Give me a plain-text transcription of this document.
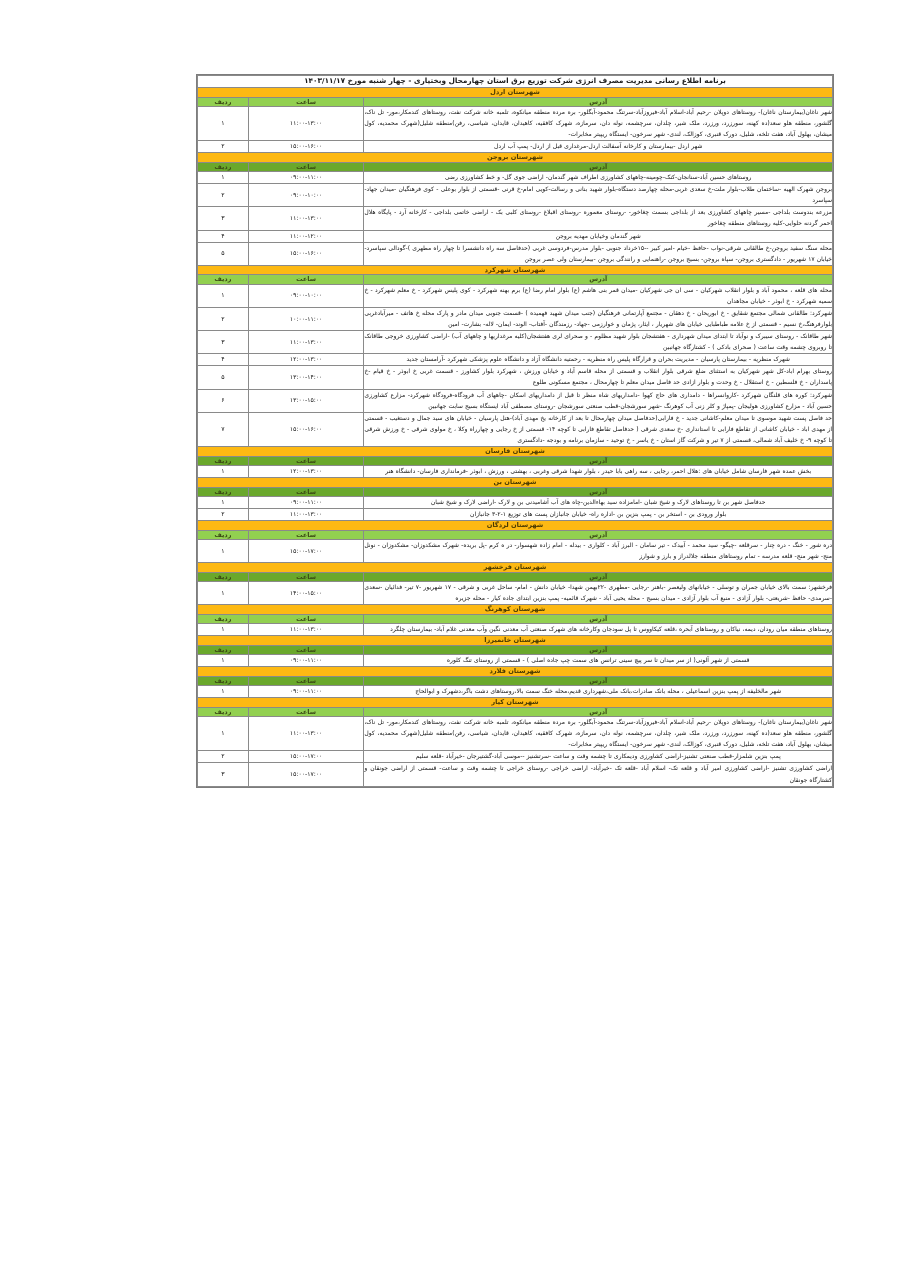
برنامه اطلاع رسانی مدیریت مصرف انرژی شرکت توزیع برق استان چهارمحال وبختیاری - چهار شنبه مورخ ۱۴۰۳/۱۱/۱۷		
شهرستان اردل		
آدرس	ساعت	ردیف
شهر ناغان(بیمارستان ناغان)- روستاهای دوپلان -رحیم آباد-اسلام آباد-فیروزآباد-سرتنگ محمود-آبگلور- بره مرده منطقه میانکوه، تلمبه خانه شرکت نفت، روستاهای کندمکار،مور- تل ناک، گلشور، منطقه هلو سعد(ده کهنه، سورزرد، ورزرد، ملک شیر، چلدان، سرچشمه، نوله دان، سرمازه، شهرک کافقیه، کاهیدان، قایدان، شیاسی، رفن)منطقه شلیل(شهرک محمدیه، کول میشان، بهلول آباد، هفت تلخه، شلیل، دورک قنبری، کوزالک، لندی- شهر سرخون- ایستگاه ریپیتر مخابرات-	۱۱:۰۰-۱۳:۰۰	۱
شهر اردل -بیمارستان و کارخانه آسفالت اردل-مرغداری قبل از اردل- پمپ آب اردل	۱۵:۰۰-۱۶:۰۰	۲
شهرستان بروجن		
آدرس	ساعت	ردیف
روستاهای حسین آباد-سنانجان-کنک-چومینه-چاههای کشاورزی اطراف شهر گندمان- اراضی جوی گل- و خط کشاورزی رضی	۰۹:۰۰-۱۱:۰۰	۱
بروجن شهرک الهیه -ساختمان طلاب-بلوار ملت-خ سعدی غربی-محله چهارصد دستگاه-بلوار شهید بنانی و رسالت-کویی امام-خ قرنی -قسمتی از بلوار بوعلی - کوی فرهنگیان -میدان جهاد- سپاسرد	۰۹:۰۰-۱۰:۰۰	۲
مزرعه بندوست بلداجی -مسیر چاههای کشاورزی بعد از بلداجی بسمت چغاخور- -روستای معموره -روستای اقبلاغ -روستای کلبی بک - اراضی خاتمی بلداجی - کارخانه آرد - پایگاه هلال احمر گردنه حلوایی-کلیه روستاهای منطقه چغاخور	۱۱:۰۰-۱۳:۰۰	۳
شهر گندمان وخیابان مهدیه بروجن	۱۱:۰۰-۱۲:۰۰	۴
محله سنگ سفید بروجن-خ طالقانی شرقی-نواب -حافظ -خیام -امیر کبیر --۱۵خرداد جنوبی -بلوار مدرس-فردوسی غربی (حدفاصل سه راه دانشسرا تا چهار راه مطهری )-گودالی سپاسرد- خیابان ۱۷ شهریور - دادگستری بروجن- سپاه بروجن- بسیج بروجن -راهنمایی و رانندگی بروجن -بیمارستان ولی عصر بروجن	۱۵:۰۰-۱۶:۰۰	۵
شهرستان شهرکرد		
آدرس	ساعت	ردیف
محله های قلعه ، محمود آباد و بلوار انقلاب شهرکیان - سی ان جی شهرکیان -میدان قمر بنی هاشم (ع) بلوار امام رضا (ع) برم بهنه شهرکرد - کوی پلیس شهرکرد - خ معلم شهرکرد - خ سمیه شهرکرد - خ ابوذر - خیابان مجاهدان	۰۹:۰۰-۱۰:۰۰	۱
شهرکرد: طالقانی شمالی مجتمع شقایق - خ ابوریحان - خ دهقان - مجتمع آپارتمانی فرهنگیان (جنب میدان شهید فهمیده ) -قسمت جنوبی میدان مادر و پارک محله خ هاتف - میرآبادغربی بلوارفرهنگ،خ نسیم - قسمتی از خ علامه طباطبایی خیابان های شهریار ، ایثار، پژمان و خوارزمی -جهاد- رزمندگان -آفتاب- الوند- ایمان- لاله- بشارت- امین	۱۰:۰۰-۱۱:۰۰	۲
شهر طاقانک - روستای سیبرک و نوآباد تا ابتدای میدان شهرداری - هفتشجان بلوار شهید مظلوم - و صحرای لری هفتشجان(کلیه مرغداریها و چاههای آب) -اراضی کشاورزی خروجی طاقانک تا روبروی چشمه وقت ساعت ( صحرای بادکی ) - کشتارگاه جهانبین	۱۱:۰۰-۱۳:۰۰	۳
شهرک منظریه - بیمارستان پارسیان - مدیریت بحران و قرارگاه پلیس راه منظریه - رحمتیه دانشگاه آزاد و دانشگاه علوم پزشکی شهرکرد -آرامستان جدید	۱۲:۰۰-۱۳:۰۰	۴
روستای بهرام اباد-کل شهر شهرکیان به استثنای ضلع شرقی بلوار انقلاب و قسمتی از محله قاسم آباد و خیابان ورزش ، شهرکرد بلوار کشاورز - قسمت غربی خ ابوذر - خ قیام -خ پاسداران - خ فلسطین - خ استقلال - خ وحدت و بلوار ازادی حد فاصل میدان معلم تا چهارمحال ، مجتمع مسکونی طلوع	۱۳:۰۰-۱۴:۰۰	۵
شهرکرد: کوره های قلنگان شهرکرد -کاروانسراها - دامداری های حاج کهوا -دامداریهای شاه منظر تا قبل از دامداریهای اسکان -چاههای آب فرودگاه-فرودگاه شهرکرد- مزارع کشاورزی حسین آباد - مزارع کشاورزی هولیجان -پمپاژ و کلر زنی آب کوهرنگ -شهر سورشجان-قطب صنعتی سورشجان -روستای مصطفی آباد ایستگاه بسیج سابت جهانبین	۱۳:۰۰-۱۵:۰۰	۶
حد فاصل پست شهید موسوی تا میدان معلم-کاشانی جدید - خ فارابی(حدفاصل میدان چهارمحال تا بعد از کارخانه یخ مهدی آباد)-هتل پارسیان - خیابان های سید جمال و دستغیب - قسمتی از مهدی اباد - خیابان کاشانی از تقاطع فارابی تا استانداری -خ سعدی شرقی ( حدفاصل تقاطع فارابی تا کوچه ۱۴- قسمتی از خ رجایی و چهارراه وکلا ، خ مولوی شرقی - خ ورزش شرقی تا کوچه ۹- خ خلیف آباد شمالی، قسمتی از ۷ تیر و شرکت گاز استان - خ یاسر - خ توحید - سازمان برنامه و بودجه -دادگستری	۱۵:۰۰-۱۶:۰۰	۷
شهرستان فارسان		
آدرس	ساعت	ردیف
بخش عمده شهر فارسان شامل خیابان های :هلال احمر، رجایی ، سه راهی بابا حیدر ، بلوار شهدا شرقی وغربی ، بهشتی ، ورزش ، ابوذر -فرمانداری فارسان- دانشگاه هنر	۱۲:۰۰-۱۳:۰۰	۱
شهرستان بن		
آدرس	ساعت	ردیف
حدفاصل شهر بن تا روستاهای لارک و شیخ شبان -امامزاده سید بهاءالدین-چاه های آب آشامیدنی بن و لارک -اراضی لارک و شیخ شبان	۰۹:۰۰-۱۱:۰۰	۱
بلوار ورودی بن - استخر بن - پمپ بنزین بن -اداره راه- خیابان جانبازان پست های توزیع ۱-۲-۳ جانبازان	۱۱:۰۰-۱۳:۰۰	۲
شهرستان لردگان		
آدرس	ساعت	ردیف
دره شور - خنگ - دره چنار - سرقلعه -چیگو- سید محمد - آبیدک - تیر سامان - البرز آباد - کلواری - بیدله - امام زاده شهسوار- در ه کرم -پل بریده- شهرک مشکدوزان- مشکدوزان - نونل منج- شهر منج- قلعه مدرسه - تمام روستاهای منطقه جلالدراز و بارز و شوارز	۱۵:۰۰-۱۷:۰۰	۱
شهرستان فرخشهر		
آدرس	ساعت	ردیف
فرخشهر: سمت بالای خیابان جمران و توسلی - خیابانهای ولیعصر -باهنر -رجایی -مطهری -۲۲بهمن شهدا- خیابان دانش - امام- ساحل غربی و شرقی - ۱۷ شهریور -۷ تیر- فدائیان -سعدی -سرمدی- حافظ -شریعتی- بلوار آزادی - منبع آب بلوار آزادی - میدان بسیج - محله یحیی آباد - شهرک قائمیه- پمپ بنزین ابتدای جاده کیار - محله جزیره	۱۴:۰۰-۱۵:۰۰	۱
شهرستان کوهرنگ		
آدرس	ساعت	ردیف
روستاهای منطقه میان رودان، دیمه، نیاکان و روستاهای آبحره ،قلعه کیکاووس تا پل سودجان وکارخانه های شهرک صنعتی آب معدنی نگین وآب معدنی غلام آباد- بیمارستان چلگرد	۱۱:۰۰-۱۳:۰۰	۱
شهرستان خانمیرزا		
آدرس	ساعت	ردیف
قسمتی از شهر آلونی( از سر میدان تا سر پیچ سینی ترانس های سمت چپ جاده اصلی ) - قسمتی از روستای تنگ کلوره	۰۹:۰۰-۱۱:۰۰	۱
شهرستان فلارد		
آدرس	ساعت	ردیف
شهر مالخلیفه از پمپ بنزین اسماعیلی ، محله بانک صادرات،بانک ملی،شهرداری قدیم،محله خنگ سمت بالا،روستاهای دشت باگر،دشهرک و ابوالحاج	۰۹:۰۰-۱۱:۰۰	۱
شهرستان کیار		
آدرس	ساعت	ردیف
شهر ناغان(بیمارستان ناغان)- روستاهای دوپلان -رحیم آباد-اسلام آباد-فیروزآباد-سرتنگ محمود-آبگلور- بره مرده منطقه میانکوه، تلمبه خانه شرکت نفت، روستاهای کندمکار،مور- تل ناک، گلشور، منطقه هلو سعد(ده کهنه، سورزرد، ورزرد، ملک شیر، چلدان، سرچشمه، نوله دان، سرمازه، شهرک کافقیه، کاهیدان، قایدان، شیاسی، رفن)منطقه شلیل(شهرک محمدیه، کول میشان، بهلول آباد، هفت تلخه، شلیل، دورک قنبری، کوزالک، لندی- شهر سرخون- ایستگاه ریپیتر مخابرات-	۱۱:۰۰-۱۳:۰۰	۱
پمپ بنزین شلمزار-قطب صنعتی تشنیز-اراضی کشاورزی ودیمکاری تا چشمه وقت و ساعت -سرتشنیز --موسی آباد-گشتیرجان -خیرآباد -قلعه سلیم	۱۵:۰۰-۱۷:۰۰	۲
اراضی کشاورزی تشنیز -اراضی کشاورزی امیر آباد و قلعه تک- اسلام آباد -قلعه تک -خیرآباد- اراضی خراجی -روستای خراجی تا چشمه وقت و ساعت- قسمتی از اراضی جونقان و کشتارگاه جونقان	۱۵:۰۰-۱۷:۰۰	۳
